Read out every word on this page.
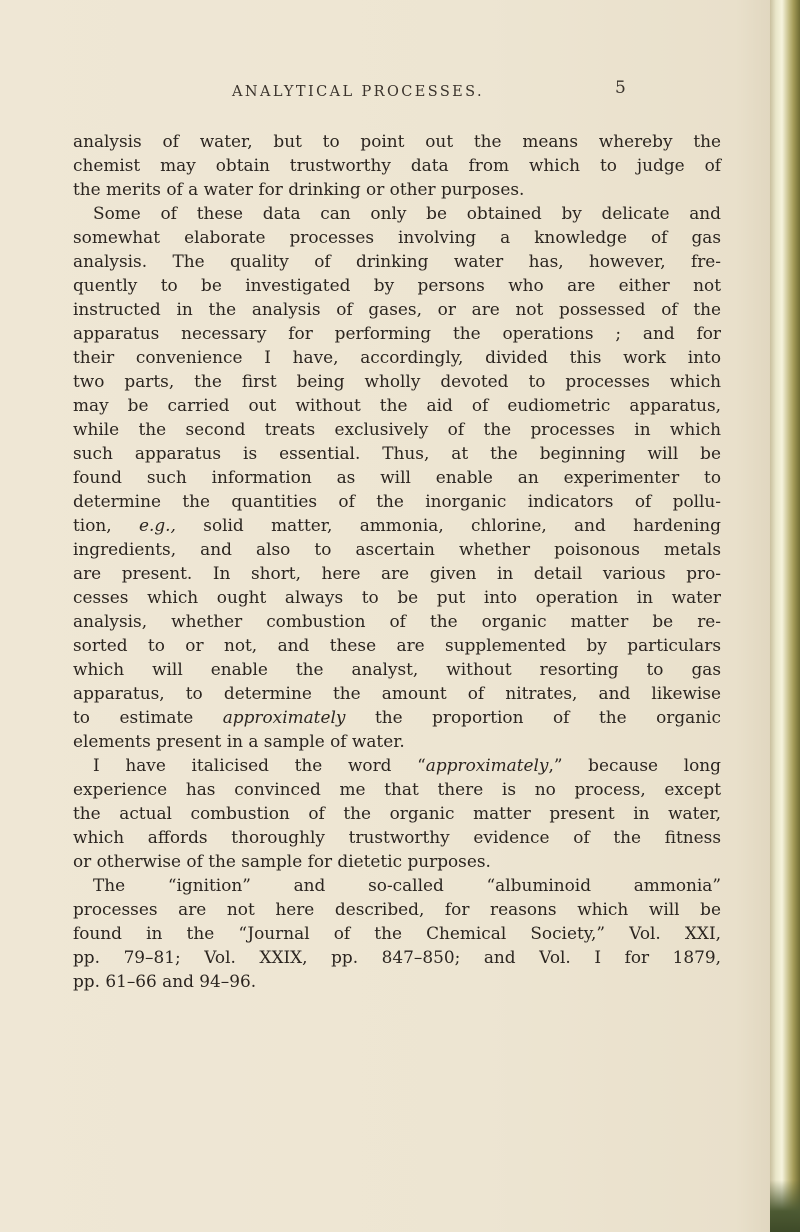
ANALYTICAL PROCESSES.	5
analysis of water, but to point out the means whereby the
chemist may obtain trustworthy data from which to judge of
the merits of a water for drinking or other purposes.
Some of these data can only be obtained by delicate and
somewhat elaborate processes involving a knowledge of gas
analysis. The quality of drinking water has, however, fre-
quently to be investigated by persons who are either not
instructed in the analysis of gases, or are not possessed of the
apparatus necessary for performing the operations ; and for
their convenience I have, accordingly, divided this work into
two parts, the first being wholly devoted to processes which
may be carried out without the aid of eudiometric apparatus,
while the second treats exclusively of the processes in which
such apparatus is essential. Thus, at the beginning will be
found such information as will enable an experimenter to
determine the quantities of the inorganic indicators of pollu-
tion, e.g., solid matter, ammonia, chlorine, and hardening
ingredients, and also to ascertain whether poisonous metals
are present. In short, here are given in detail various pro-
cesses which ought always to be put into operation in water
analysis, whether combustion of the organic matter be re-
sorted to or not, and these are supplemented by particulars
which will enable the analyst, without resorting to gas
apparatus, to determine the amount of nitrates, and likewise
to estimate approximately the proportion of the organic
elements present in a sample of water.
I have italicised the word “approximately,” because long
experience has convinced me that there is no process, except
the actual combustion of the organic matter present in water,
which affords thoroughly trustworthy evidence of the fitness
or otherwise of the sample for dietetic purposes.
The “ignition” and so-called “albuminoid ammonia”
processes are not here described, for reasons which will be
found in the “Journal of the Chemical Society,” Vol. XXI,
pp. 79–81; Vol. XXIX, pp. 847–850; and Vol. I for 1879,
pp. 61–66 and 94–96.
